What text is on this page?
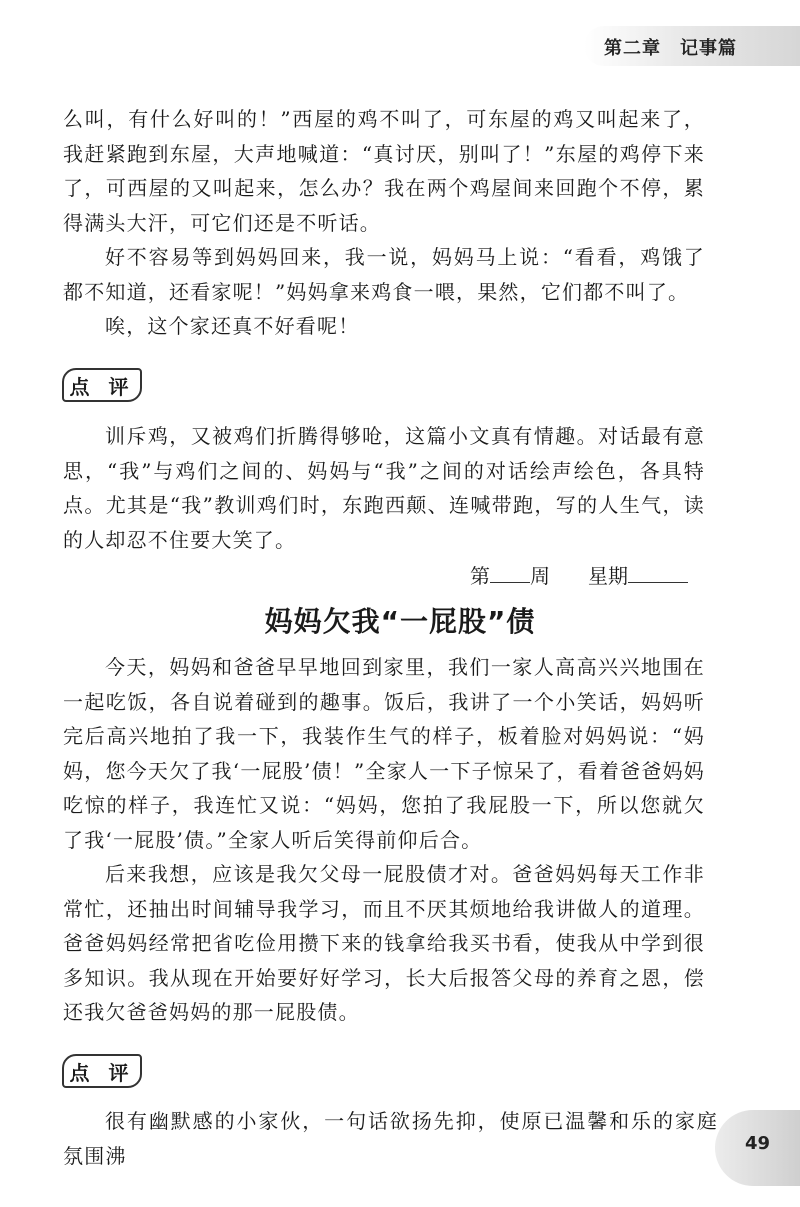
第二章　记事篇

么叫，有什么好叫的！”西屋的鸡不叫了，可东屋的鸡又叫起来了，我赶紧跑到东屋，大声地喊道：“真讨厌，别叫了！”东屋的鸡停下来了，可西屋的又叫起来，怎么办？我在两个鸡屋间来回跑个不停，累得满头大汗，可它们还是不听话。

好不容易等到妈妈回来，我一说，妈妈马上说：“看看，鸡饿了都不知道，还看家呢！”妈妈拿来鸡食一喂，果然，它们都不叫了。

唉，这个家还真不好看呢！

点 评

训斥鸡，又被鸡们折腾得够呛，这篇小文真有情趣。对话最有意思，“我”与鸡们之间的、妈妈与“我”之间的对话绘声绘色，各具特点。尤其是“我”教训鸡们时，东跑西颠、连喊带跑，写的人生气，读的人却忍不住要大笑了。

第 周 星期
妈妈欠我“一屁股”债

今天，妈妈和爸爸早早地回到家里，我们一家人高高兴兴地围在一起吃饭，各自说着碰到的趣事。饭后，我讲了一个小笑话，妈妈听完后高兴地拍了我一下，我装作生气的样子，板着脸对妈妈说：“妈妈，您今天欠了我‘一屁股’债！”全家人一下子惊呆了，看着爸爸妈妈吃惊的样子，我连忙又说：“妈妈，您拍了我屁股一下，所以您就欠了我‘一屁股’债。”全家人听后笑得前仰后合。

后来我想，应该是我欠父母一屁股债才对。爸爸妈妈每天工作非常忙，还抽出时间辅导我学习，而且不厌其烦地给我讲做人的道理。爸爸妈妈经常把省吃俭用攒下来的钱拿给我买书看，使我从中学到很多知识。我从现在开始要好好学习，长大后报答父母的养育之恩，偿还我欠爸爸妈妈的那一屁股债。

点 评

很有幽默感的小家伙，一句话欲扬先抑，使原已温馨和乐的家庭氛围沸	49
